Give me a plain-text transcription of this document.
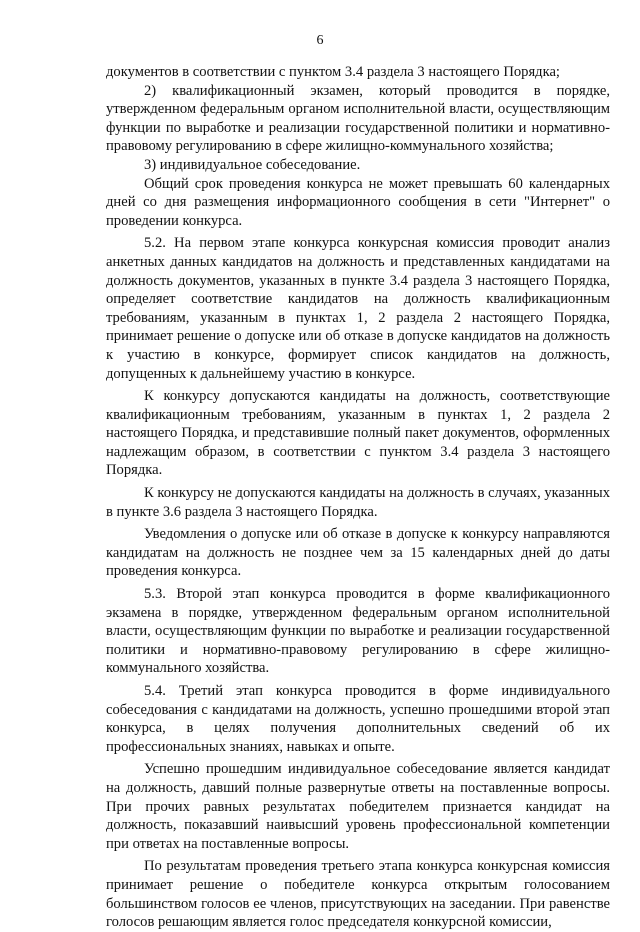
6

документов в соответствии с пунктом 3.4 раздела 3 настоящего Порядка;

2) квалификационный экзамен, который проводится в порядке, утвержденном федеральным органом исполнительной власти, осуществляющим функции по выработке и реализации государственной политики и нормативно-правовому регулированию в сфере жилищно-коммунального хозяйства;

3) индивидуальное собеседование.

Общий срок проведения конкурса не может превышать 60 календарных дней со дня размещения информационного сообщения в сети "Интернет" о проведении конкурса.

5.2. На первом этапе конкурса конкурсная комиссия проводит анализ анкетных данных кандидатов на должность и представленных кандидатами на должность документов, указанных в пункте 3.4 раздела 3 настоящего Порядка, определяет соответствие кандидатов на должность квалификационным требованиям, указанным в пунктах 1, 2 раздела 2 настоящего Порядка, принимает решение о допуске или об отказе в допуске кандидатов на должность к участию в конкурсе, формирует список кандидатов на должность, допущенных к дальнейшему участию в конкурсе.

К конкурсу допускаются кандидаты на должность, соответствующие квалификационным требованиям, указанным в пунктах 1, 2 раздела 2 настоящего Порядка, и представившие полный пакет документов, оформленных надлежащим образом, в соответствии с пунктом 3.4 раздела 3 настоящего Порядка.

К конкурсу не допускаются кандидаты на должность в случаях, указанных в пункте 3.6 раздела 3 настоящего Порядка.

Уведомления о допуске или об отказе в допуске к конкурсу направляются кандидатам на должность не позднее чем за 15 календарных дней до даты проведения конкурса.

5.3. Второй этап конкурса проводится в форме квалификационного экзамена в порядке, утвержденном федеральным органом исполнительной власти, осуществляющим функции по выработке и реализации государственной политики и нормативно-правовому регулированию в сфере жилищно-коммунального хозяйства.

5.4. Третий этап конкурса проводится в форме индивидуального собеседования с кандидатами на должность, успешно прошедшими второй этап конкурса, в целях получения дополнительных сведений об их профессиональных знаниях, навыках и опыте.

Успешно прошедшим индивидуальное собеседование является кандидат на должность, давший полные развернутые ответы на поставленные вопросы. При прочих равных результатах победителем признается кандидат на должность, показавший наивысший уровень профессиональной компетенции при ответах на поставленные вопросы.

По результатам проведения третьего этапа конкурса конкурсная комиссия принимает решение о победителе конкурса открытым голосованием большинством голосов ее членов, присутствующих на заседании. При равенстве голосов решающим является голос председателя конкурсной комиссии,
